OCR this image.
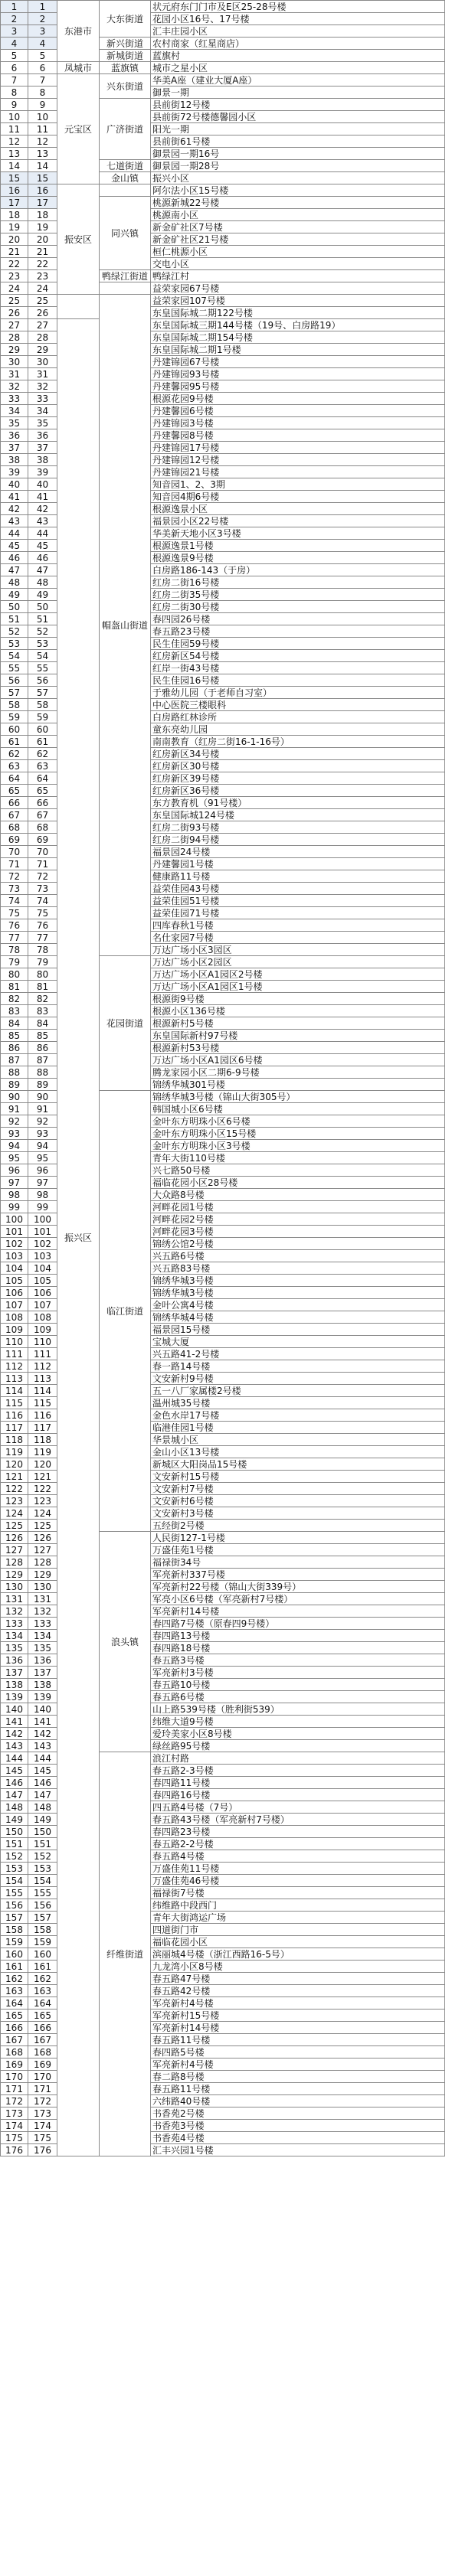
1	1	东港市	大东街道	状元府东门门市及E区25-28号楼
2	2			花园小区16号、17号楼
3	3			汇丰庄园小区
4	4		新兴街道	农村商家（红星商店）
5	5		新城街道	蓝旗村
6	6	凤城市	蓝旗镇	城市之星小区
7	7	元宝区	兴东街道	华美A座（建业大厦A座）
8	8			御景一期
9	9		广济街道	县前街12号楼
10	10			县前街72号楼德馨园小区
11	11			阳光一期
12	12			县前街61号楼
13	13			御景园一期16号
14	14		七道街道	御景园一期28号
15	15		金山镇	振兴小区
16	16	振安区		阿尔法小区15号楼
17	17		同兴镇	桃源新城22号楼
18	18			桃源南小区
19	19			新金矿社区7号楼
20	20			新金矿社区21号楼
21	21			桓仁桃源小区
22	22			交电小区
23	23		鸭绿江街道	鸭绿江村
24	24			益荣家园67号楼
25	25		帽盔山街道	益荣家园107号楼
26	26			东皇国际城二期122号楼
27	27	振兴区		东皇国际城三期144号楼（19号、白房路19）
28	28			东皇国际城二期154号楼
29	29			东皇国际城二期1号楼
30	30			丹建锦园67号楼
31	31			丹建锦园93号楼
32	32			丹建馨园95号楼
33	33			根源花园9号楼
34	34			丹建馨园6号楼
35	35			丹建锦园3号楼
36	36			丹建馨园8号楼
37	37			丹建锦园17号楼
38	38			丹建锦园12号楼
39	39			丹建锦园21号楼
40	40			知音园1、2、3期
41	41			知音园4期6号楼
42	42			根源逸景小区
43	43			福景园小区22号楼
44	44			华美新天地小区3号楼
45	45			根源逸景1号楼
46	46			根源逸景9号楼
47	47			白房路186-143（于房）
48	48			红房二街16号楼
49	49			红房二街35号楼
50	50			红房二街30号楼
51	51			春四园26号楼
52	52			春五路23号楼
53	53			民生佳园59号楼
54	54			红房新区54号楼
55	55			红岸一街43号楼
56	56			民生佳园16号楼
57	57			于雅幼儿园（于老师自习室）
58	58			中心医院三楼眼科
59	59			白房路红林诊所
60	60			童东亮幼儿园
61	61			南南教育（红房二街16-1-16号）
62	62			红房新区34号楼
63	63			红房新区30号楼
64	64			红房新区39号楼
65	65			红房新区36号楼
66	66			东方教育机（91号楼）
67	67			东皇国际城124号楼
68	68			红房二街93号楼
69	69			红房二街94号楼
70	70			福景园24号楼
71	71			丹建馨园1号楼
72	72			健康路11号楼
73	73			益荣佳园43号楼
74	74			益荣佳园51号楼
75	75			益荣佳园71号楼
76	76			四库春秋1号楼
77	77			名仕家园7号楼
78	78			万达广场小区3园区
79	79		花园街道	万达广场小区2园区
80	80			万达广场小区A1园区2号楼
81	81			万达广场小区A1园区1号楼
82	82			根源街9号楼
83	83			根源小区136号楼
84	84			根源新村5号楼
85	85			东皇国际新村97号楼
86	86			根源新村53号楼
87	87			万达广场小区A1园区6号楼
88	88			腾龙家园小区二期6-9号楼
89	89			锦绣华城301号楼
90	90		临江街道	锦绣华城3号楼（锦山大街305号）
91	91			韩国城小区6号楼
92	92			金叶东方明珠小区6号楼
93	93			金叶东方明珠小区15号楼
94	94			金叶东方明珠小区3号楼
95	95			青年大街110号楼
96	96			兴七路50号楼
97	97			福临花园小区28号楼
98	98			大众路8号楼
99	99			河畔花园1号楼
100	100			河畔花园2号楼
101	101			河畔花园3号楼
102	102			锦绣公馆2号楼
103	103			兴五路6号楼
104	104			兴五路83号楼
105	105			锦绣华城3号楼
106	106			锦绣华城3号楼
107	107			金叶公寓4号楼
108	108			锦绣华城4号楼
109	109			福景园15号楼
110	110			宝城大厦
111	111			兴五路41-2号楼
112	112			春一路14号楼
113	113			文安新村9号楼
114	114			五一八厂家属楼2号楼
115	115			温州城35号楼
116	116			金色水岸17号楼
117	117			临港佳园1号楼
118	118			华景城小区
119	119			金山小区13号楼
120	120			新城区大阳岗品15号楼
121	121			文安新村15号楼
122	122			文安新村7号楼
123	123			文安新村6号楼
124	124			文安新村3号楼
125	125			五经街2号楼
126	126		浪头镇	人民街127-1号楼
127	127			万盛佳苑1号楼
128	128			福禄街34号
129	129			军亮新村337号楼
130	130			军亮新村22号楼（锦山大街339号）
131	131			军亮小区6号楼（军亮新村7号楼）
132	132			军亮新村14号楼
133	133			春四路7号楼（原春四9号楼）
134	134			春四路13号楼
135	135			春四路18号楼
136	136			春五路3号楼
137	137			军亮新村3号楼
138	138			春五路10号楼
139	139			春五路6号楼
140	140			山上路539号楼（胜利街539）
141	141			纬维大道9号楼
142	142			爱玲美家小区8号楼
143	143			绿丝路95号楼
144	144		纤维街道	浪江村路
145	145			春五路2-3号楼
146	146			春四路11号楼
147	147			春四路16号楼
148	148			四五路4号楼（7号）
149	149			春五路43号楼（军亮新村7号楼）
150	150			春四路23号楼
151	151			春五路2-2号楼
152	152			春五路4号楼
153	153			万盛佳苑11号楼
154	154			万盛佳苑46号楼
155	155			福禄街7号楼
156	156			纬维路中段西门
157	157			青年大街鸿运广场
158	158			四道街门市
159	159			福临花园小区
160	160			滨丽城4号楼（浙江西路16-5号）
161	161			九龙湾小区8号楼
162	162			春五路47号楼
163	163			春五路42号楼
164	164			军亮新村4号楼
165	165			军亮新村15号楼
166	166			军亮新村14号楼
167	167			春五路11号楼
168	168			春四路5号楼
169	169			军亮新村4号楼
170	170			春二路8号楼
171	171			春五路11号楼
172	172			六纬路40号楼
173	173			书香苑2号楼
174	174			书香苑3号楼
175	175			书香苑4号楼
176	176			汇丰兴园1号楼
